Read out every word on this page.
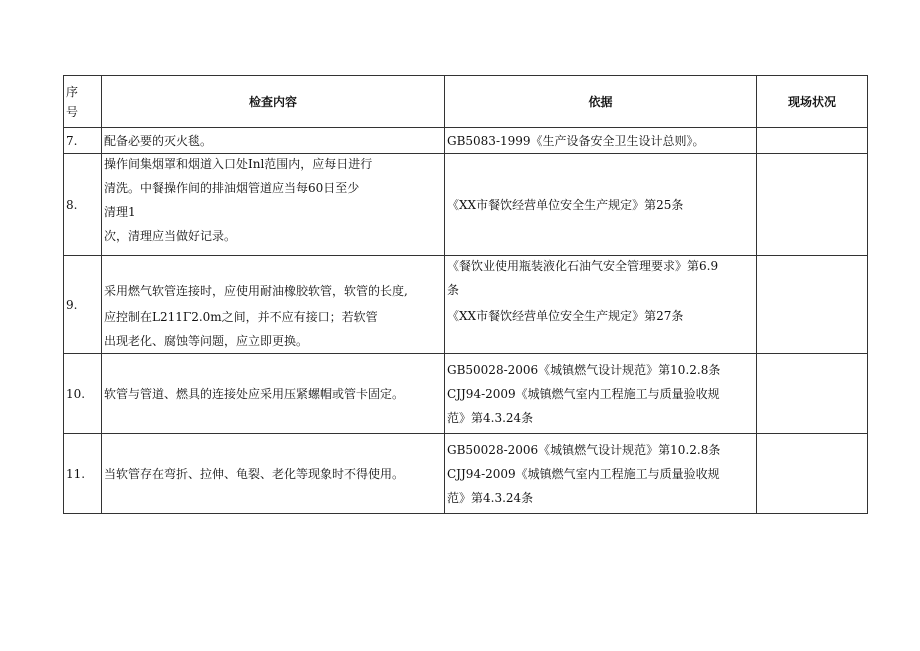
序
号	检查内容	依据	现场状况
7.	配备必要的灭火毯。	GB5083-1999《生产设备安全卫生设计总则》。	

8.	操作间集烟罩和烟道入口处Inl范围内，应每日进行
清洗。中餐操作间的排油烟管道应当每60日至少
清理1
次，清理应当做好记录。	《XX市餐饮经营单位安全生产规定》第25条	

9.	采用燃气软管连接时，应使用耐油橡胶软管，软管的长度,
应控制在L211Γ2.0m之间，并不应有接口；若软管
出现老化、腐蚀等问题，应立即更换。	《餐饮业使用瓶装液化石油气安全管理要求》第6.9
条
《XX市餐饮经营单位安全生产规定》第27条	

10.	软管与管道、燃具的连接处应采用压紧螺帽或管卡固定。	GB50028-2006《城镇燃气设计规范》第10.2.8条
CJJ94-2009《城镇燃气室内工程施工与质量验收规
范》第4.3.24条	

11.	当软管存在弯折、拉伸、龟裂、老化等现象时不得使用。	GB50028-2006《城镇燃气设计规范》第10.2.8条
CJJ94-2009《城镇燃气室内工程施工与质量验收规
范》第4.3.24条	
